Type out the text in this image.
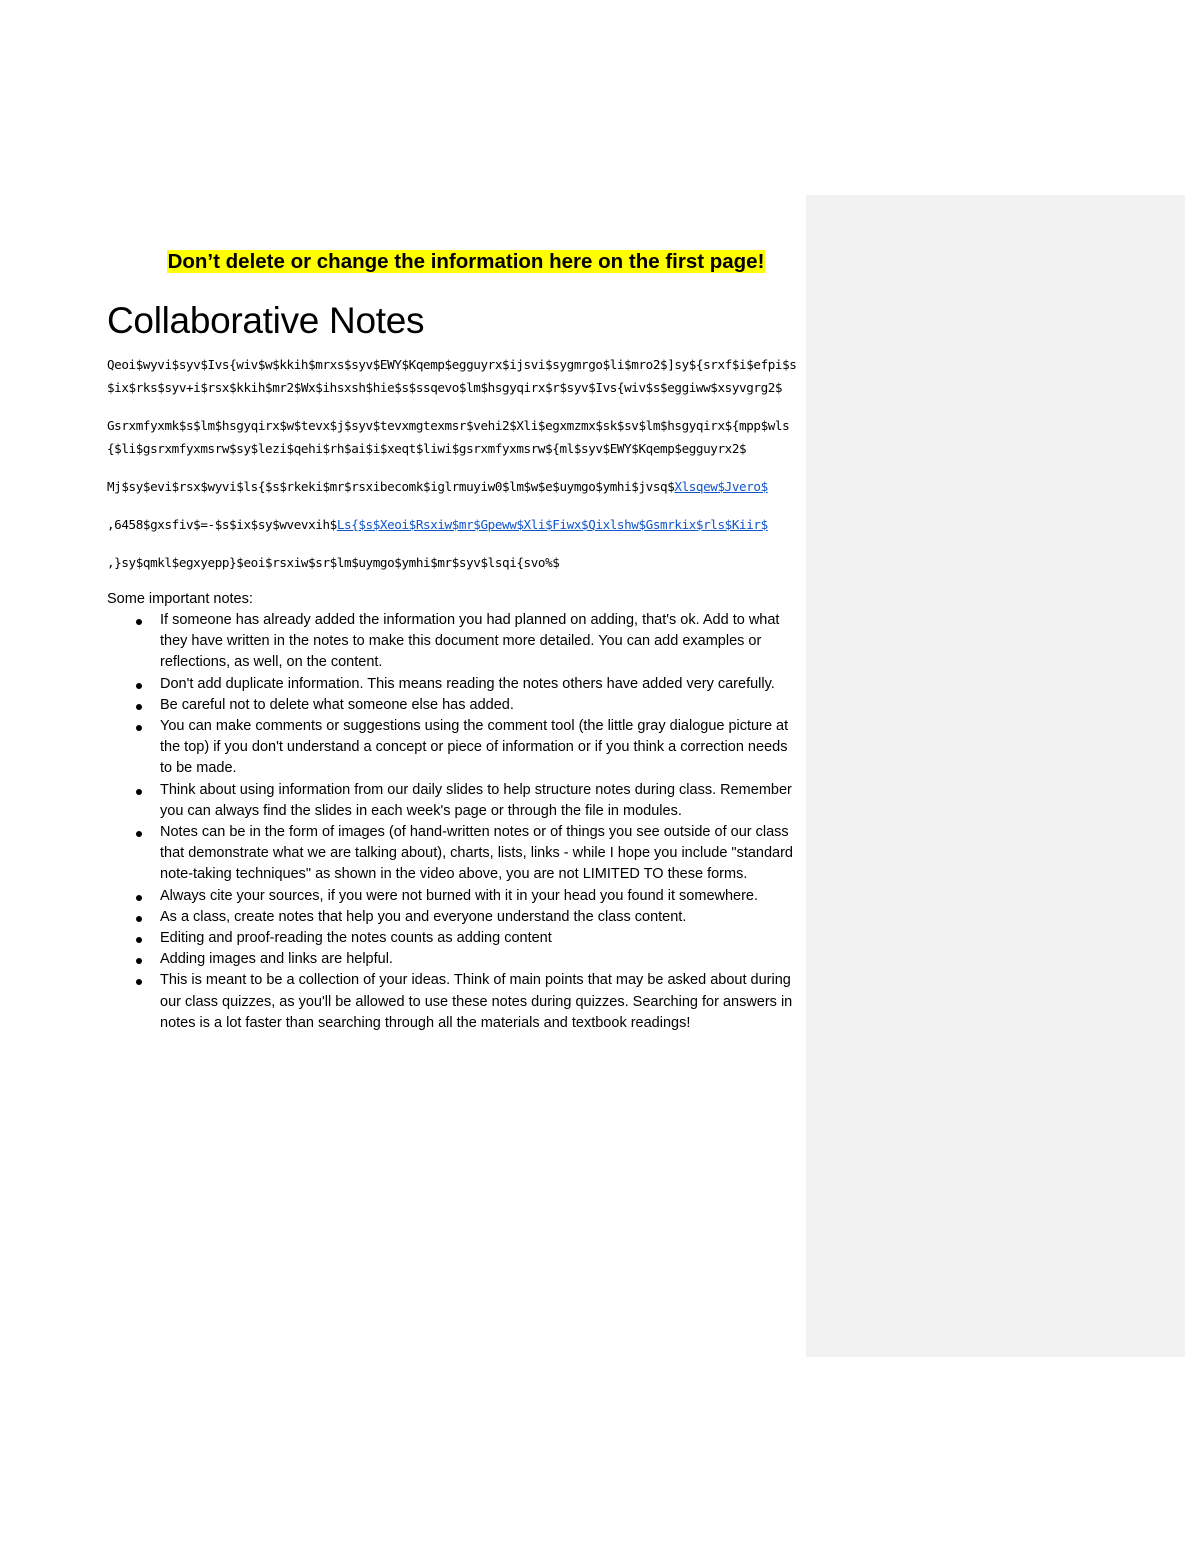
Don’t delete or change the information here on the first page!
Collaborative Notes

Qeoi$wyvi$syv$Ivs{wiv$w$kkih$mrxs$syv$EWY$Kqemp$egguyrx$ijsvi$sygmrgo$li$mro2$]sy${srxf$i$efpi$s$ix$rks$syv+i$rsx$kkih$mr2$Wx$ihsxsh$hie$s$ssqevo$lm$hsgyqirx$r$syv$Ivs{wiv$s$eggiww$xsyvgrg2$

Gsrxmfyxmk$s$lm$hsgyqirx$w$tevx$j$syv$tevxmgtexmsr$vehi2$Xli$egxmzmx$sk$sv$lm$hsgyqirx${mpp$wls{$li$gsrxmfyxmsrw$sy$lezi$qehi$rh$ai$i$xeqt$liwi$gsrxmfyxmsrw${ml$syv$EWY$Kqemp$egguyrx2$

Mj$sy$evi$rsx$wyvi$ls{$s$rkeki$mr$rsxibecomk$iglrmuyiw0$lm$w$e$uymgo$ymhi$jvsq$Xlsqew$Jvero$

,6458$gxsfiv$=-$s$ix$sy$wvevxih$Ls{$s$Xeoi$Rsxiw$mr$Gpeww$Xli$Fiwx$Qixlshw$Gsmrkix$rls$Kiir$

,}sy$qmkl$egxyepp}$eoi$rsxiw$sr$lm$uymgo$ymhi$mr$syv$lsqi{svo%$

Some important notes:
If someone has already added the information you had planned on adding, that's ok. Add to what they have written in the notes to make this document more detailed. You can add examples or reflections, as well, on the content.
Don't add duplicate information. This means reading the notes others have added very carefully.
Be careful not to delete what someone else has added.
You can make comments or suggestions using the comment tool (the little gray dialogue picture at the top) if you don't understand a concept or piece of information or if you think a correction needs to be made.
Think about using information from our daily slides to help structure notes during class. Remember you can always find the slides in each week's page or through the file in modules.
Notes can be in the form of images (of hand-written notes or of things you see outside of our class that demonstrate what we are talking about), charts, lists, links - while I hope you include "standard note-taking techniques" as shown in the video above, you are not LIMITED TO these forms.
Always cite your sources, if you were not burned with it in your head you found it somewhere.
As a class, create notes that help you and everyone understand the class content.
Editing and proof-reading the notes counts as adding content
Adding images and links are helpful.
This is meant to be a collection of your ideas. Think of main points that may be asked about during our class quizzes, as you'll be allowed to use these notes during quizzes. Searching for answers in notes is a lot faster than searching through all the materials and textbook readings!
